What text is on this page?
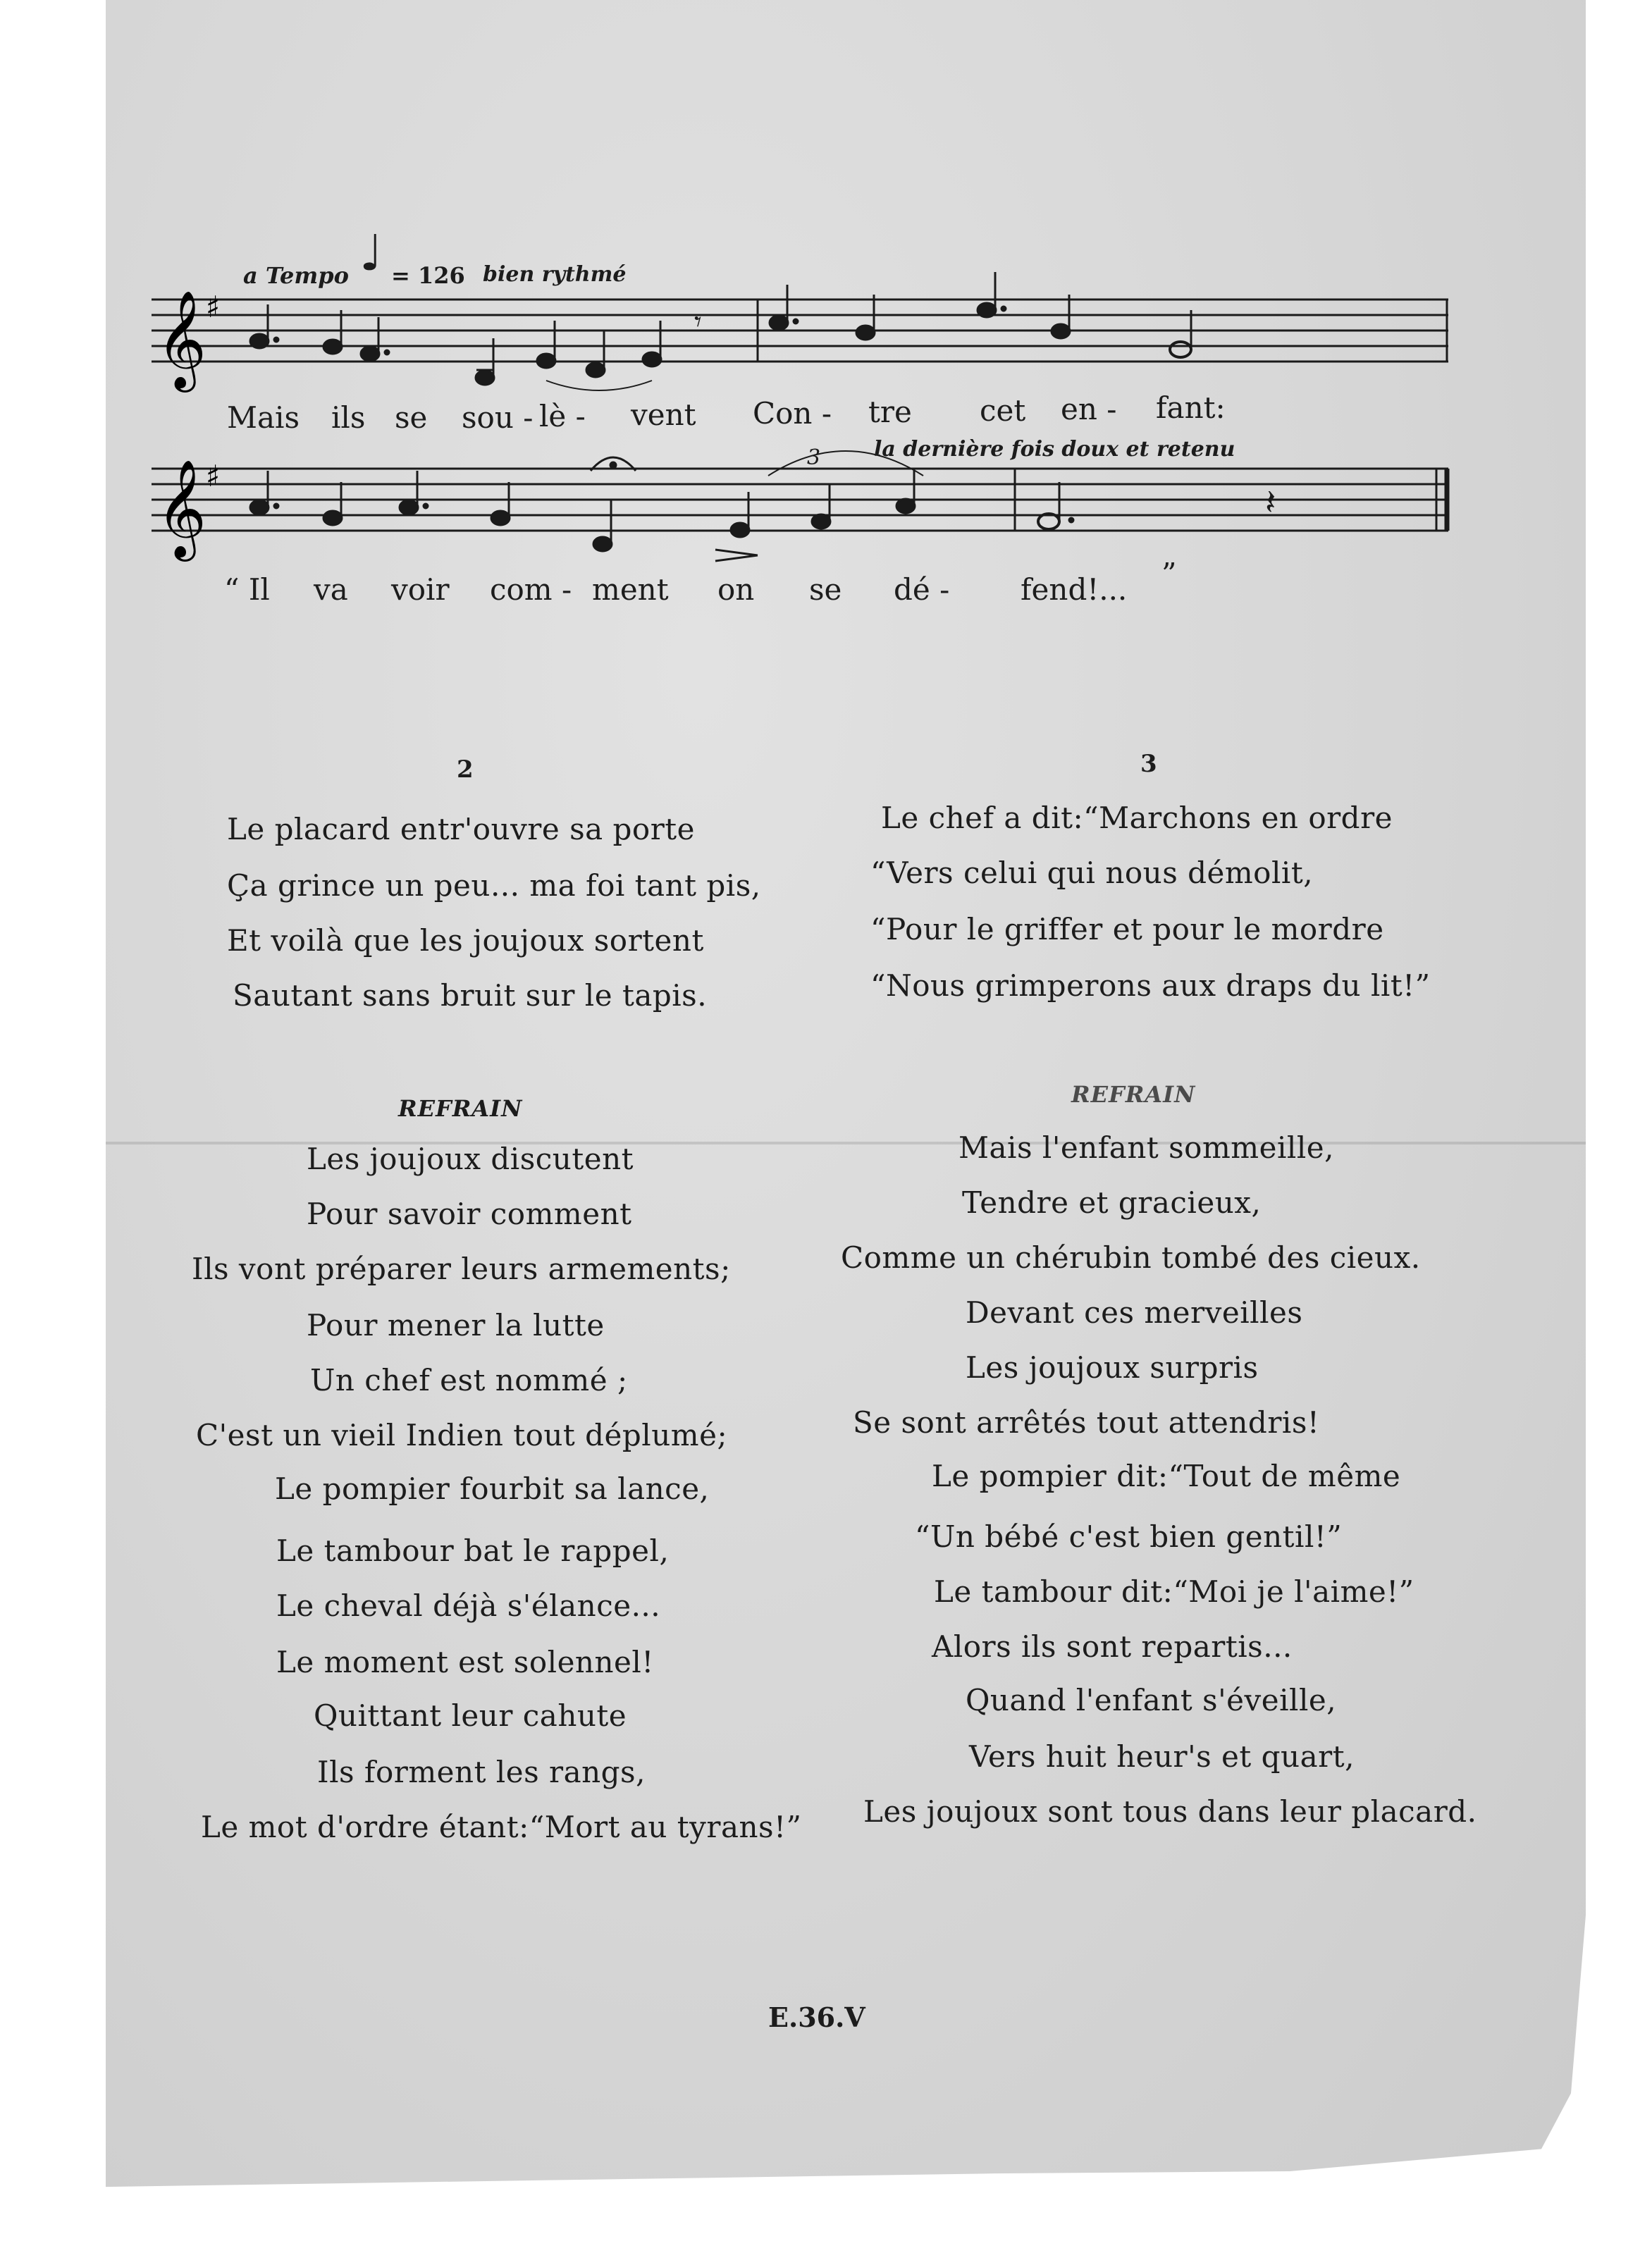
𝄞
𝄞
♯
♯
𝄾
𝄽
a Tempo ♩ = 126 bien rythmé
la dernière fois doux et retenu
3
Mais ils se sou - lè - vent Con - tre cet en - fant:
“ Il va voir com - ment on se dé - fend!... ”
2
Le placard entr'ouvre sa porte
Ça grince un peu... ma foi tant pis,
Et voilà que les joujoux sortent
Sautant sans bruit sur le tapis.
REFRAIN
Les joujoux discutent
Pour savoir comment
Ils vont préparer leurs armements;
Pour mener la lutte
Un chef est nommé ;
C'est un vieil Indien tout déplumé;
Le pompier fourbit sa lance,
Le tambour bat le rappel,
Le cheval déjà s'élance...
Le moment est solennel!
Quittant leur cahute
Ils forment les rangs,
Le mot d'ordre étant:“Mort au tyrans!”
3
Le chef a dit:“Marchons en ordre
“Vers celui qui nous démolit,
“Pour le griffer et pour le mordre
“Nous grimperons aux draps du lit!”
REFRAIN
Mais l'enfant sommeille,
Tendre et gracieux,
Comme un chérubin tombé des cieux.
Devant ces merveilles
Les joujoux surpris
Se sont arrêtés tout attendris!
Le pompier dit:“Tout de même
“Un bébé c'est bien gentil!”
Le tambour dit:“Moi je l'aime!”
Alors ils sont repartis...
Quand l'enfant s'éveille,
Vers huit heur's et quart,
Les joujoux sont tous dans leur placard.
E.36.V
